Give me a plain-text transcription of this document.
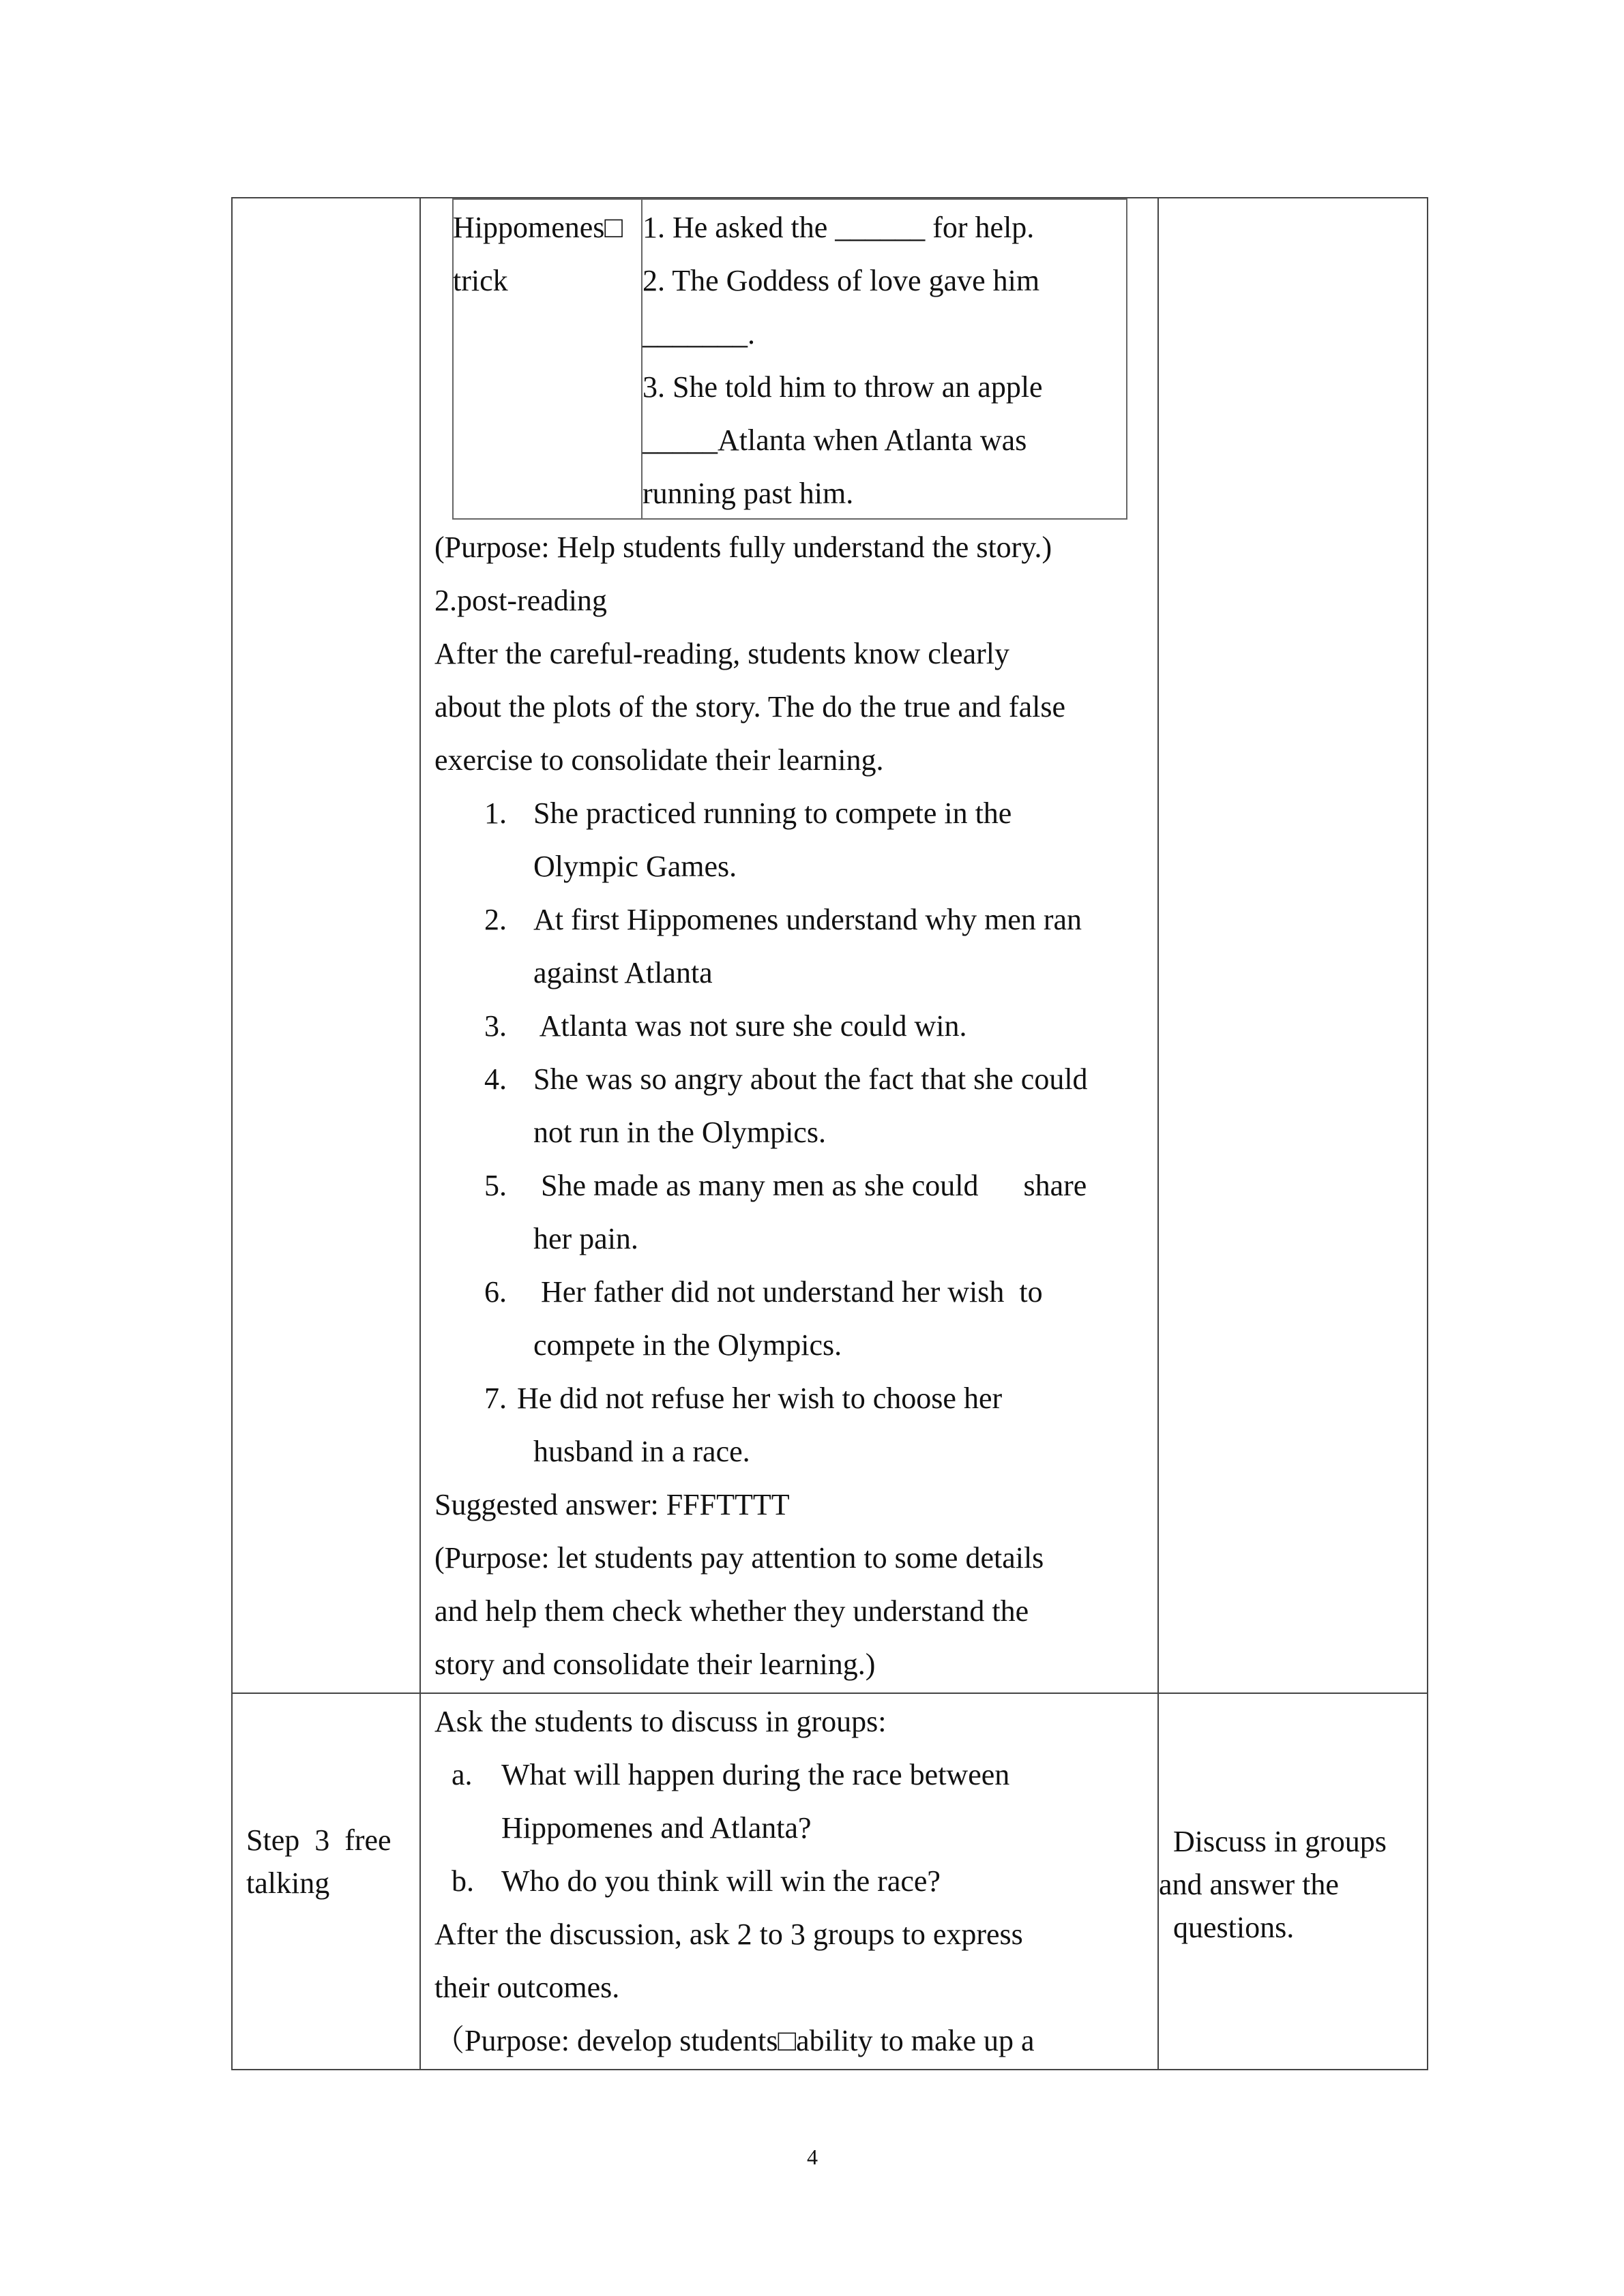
Hippomenes□
trick
1. He asked the ______ for help.
2. The Goddess of love gave him
_______.
3. She told him to throw an apple
_____Atlanta when Atlanta was
running past him.
(Purpose: Help students fully understand the story.)
2.post-reading
After the careful-reading, students know clearly
about the plots of the story. The do the true and false
exercise to consolidate their learning.
1. She practiced running to compete in the
Olympic Games.
2. At first Hippomenes understand why men ran
against Atlanta
3. Atlanta was not sure she could win.
4. She was so angry about the fact that she could
not run in the Olympics.
5. She made as many men as she could      share
her pain.
6. Her father did not understand her wish  to
compete in the Olympics.
7. He did not refuse her wish to choose her
husband in a race.
Suggested answer: FFFTTTT
(Purpose: let students pay attention to some details
and help them check whether they understand the
story and consolidate their learning.)
Step  3  free
talking
Ask the students to discuss in groups:
a. What will happen during the race between
Hippomenes and Atlanta?
b. Who do you think will win the race?
After the discussion, ask 2 to 3 groups to express
their outcomes.
（Purpose: develop students□ability to make up a
Discuss in groups
and answer the
questions.
4
